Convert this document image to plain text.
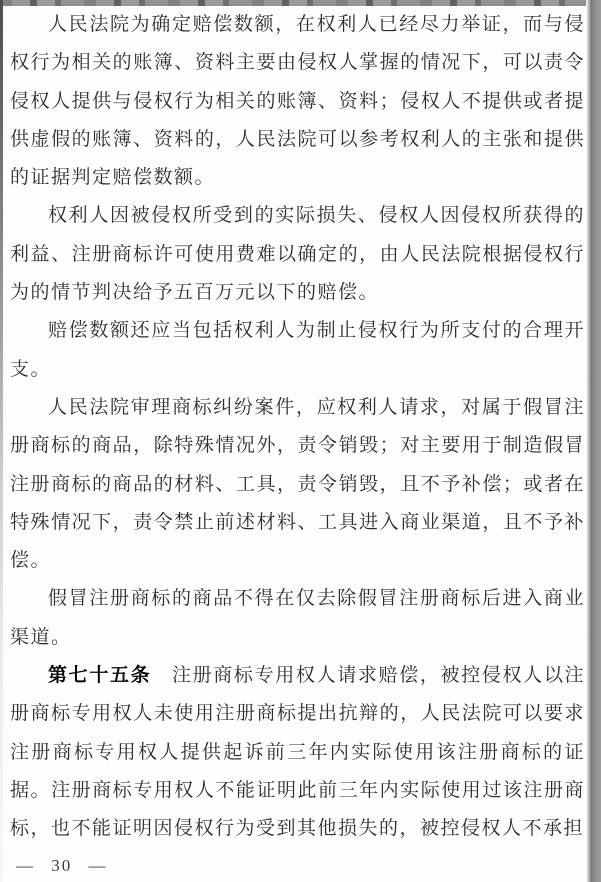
人民法院为确定赔偿数额，在权利人已经尽力举证，而与侵权行为相关的账簿、资料主要由侵权人掌握的情况下，可以责令侵权人提供与侵权行为相关的账簿、资料；侵权人不提供或者提供虚假的账簿、资料的，人民法院可以参考权利人的主张和提供的证据判定赔偿数额。

权利人因被侵权所受到的实际损失、侵权人因侵权所获得的利益、注册商标许可使用费难以确定的，由人民法院根据侵权行为的情节判决给予五百万元以下的赔偿。

赔偿数额还应当包括权利人为制止侵权行为所支付的合理开支。

人民法院审理商标纠纷案件，应权利人请求，对属于假冒注册商标的商品，除特殊情况外，责令销毁；对主要用于制造假冒注册商标的商品的材料、工具，责令销毁，且不予补偿；或者在特殊情况下，责令禁止前述材料、工具进入商业渠道，且不予补偿。

假冒注册商标的商品不得在仅去除假冒注册商标后进入商业渠道。

第七十五条　注册商标专用权人请求赔偿，被控侵权人以注册商标专用权人未使用注册商标提出抗辩的，人民法院可以要求注册商标专用权人提供起诉前三年内实际使用该注册商标的证据。注册商标专用权人不能证明此前三年内实际使用过该注册商标，也不能证明因侵权行为受到其他损失的，被控侵权人不承担

— 30 —
